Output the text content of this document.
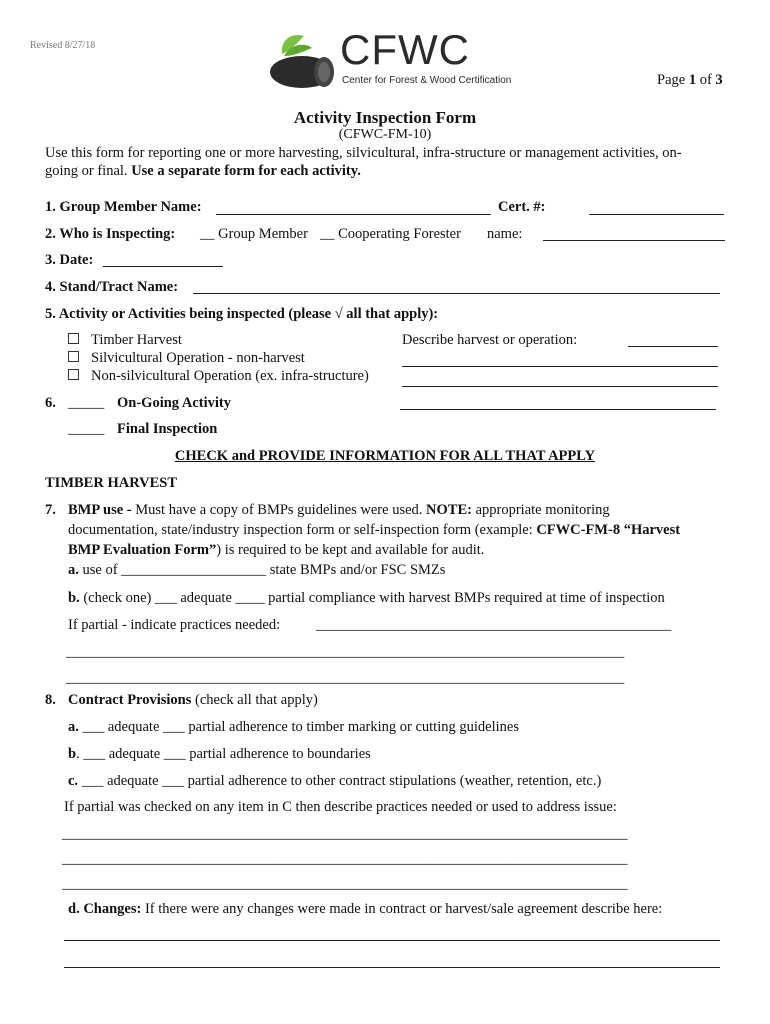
Revised 8/27/18	CFWC
Center for Forest & Wood Certification	Page 1 of 3
Activity Inspection Form
(CFWC-FM-10)
Use this form for reporting one or more harvesting, silvicultural, infra-structure or management activities, on-
going or final. Use a separate form for each activity.
1. Group Member Name:	Cert. #:
2. Who is Inspecting: __ Group Member __ Cooperating Forester name:
3. Date:
4. Stand/Tract Name:
5. Activity or Activities being inspected (please √ all that apply):
Timber Harvest
Silvicultural Operation - non-harvest
Non-silvicultural Operation (ex. infra-structure)
Describe harvest or operation:
6. _____ On-Going Activity
_____ Final Inspection
CHECK and PROVIDE INFORMATION FOR ALL THAT APPLY
TIMBER HARVEST
7. BMP use - Must have a copy of BMPs guidelines were used. NOTE: appropriate monitoring
documentation, state/industry inspection form or self-inspection form (example: CFWC-FM-8 “Harvest
BMP Evaluation Form”) is required to be kept and available for audit.
a. use of ____________________ state BMPs and/or FSC SMZs
b. (check one) ___ adequate ____ partial compliance with harvest BMPs required at time of inspection
If partial - indicate practices needed: _________________________________________________
_____________________________________________________________________________
_____________________________________________________________________________
8. Contract Provisions (check all that apply)
a. ___ adequate ___ partial adherence to timber marking or cutting guidelines
b. ___ adequate ___ partial adherence to boundaries
c. ___ adequate ___ partial adherence to other contract stipulations (weather, retention, etc.)
If partial was checked on any item in C then describe practices needed or used to address issue:
______________________________________________________________________________
______________________________________________________________________________
______________________________________________________________________________
d. Changes: If there were any changes were made in contract or harvest/sale agreement describe here:
